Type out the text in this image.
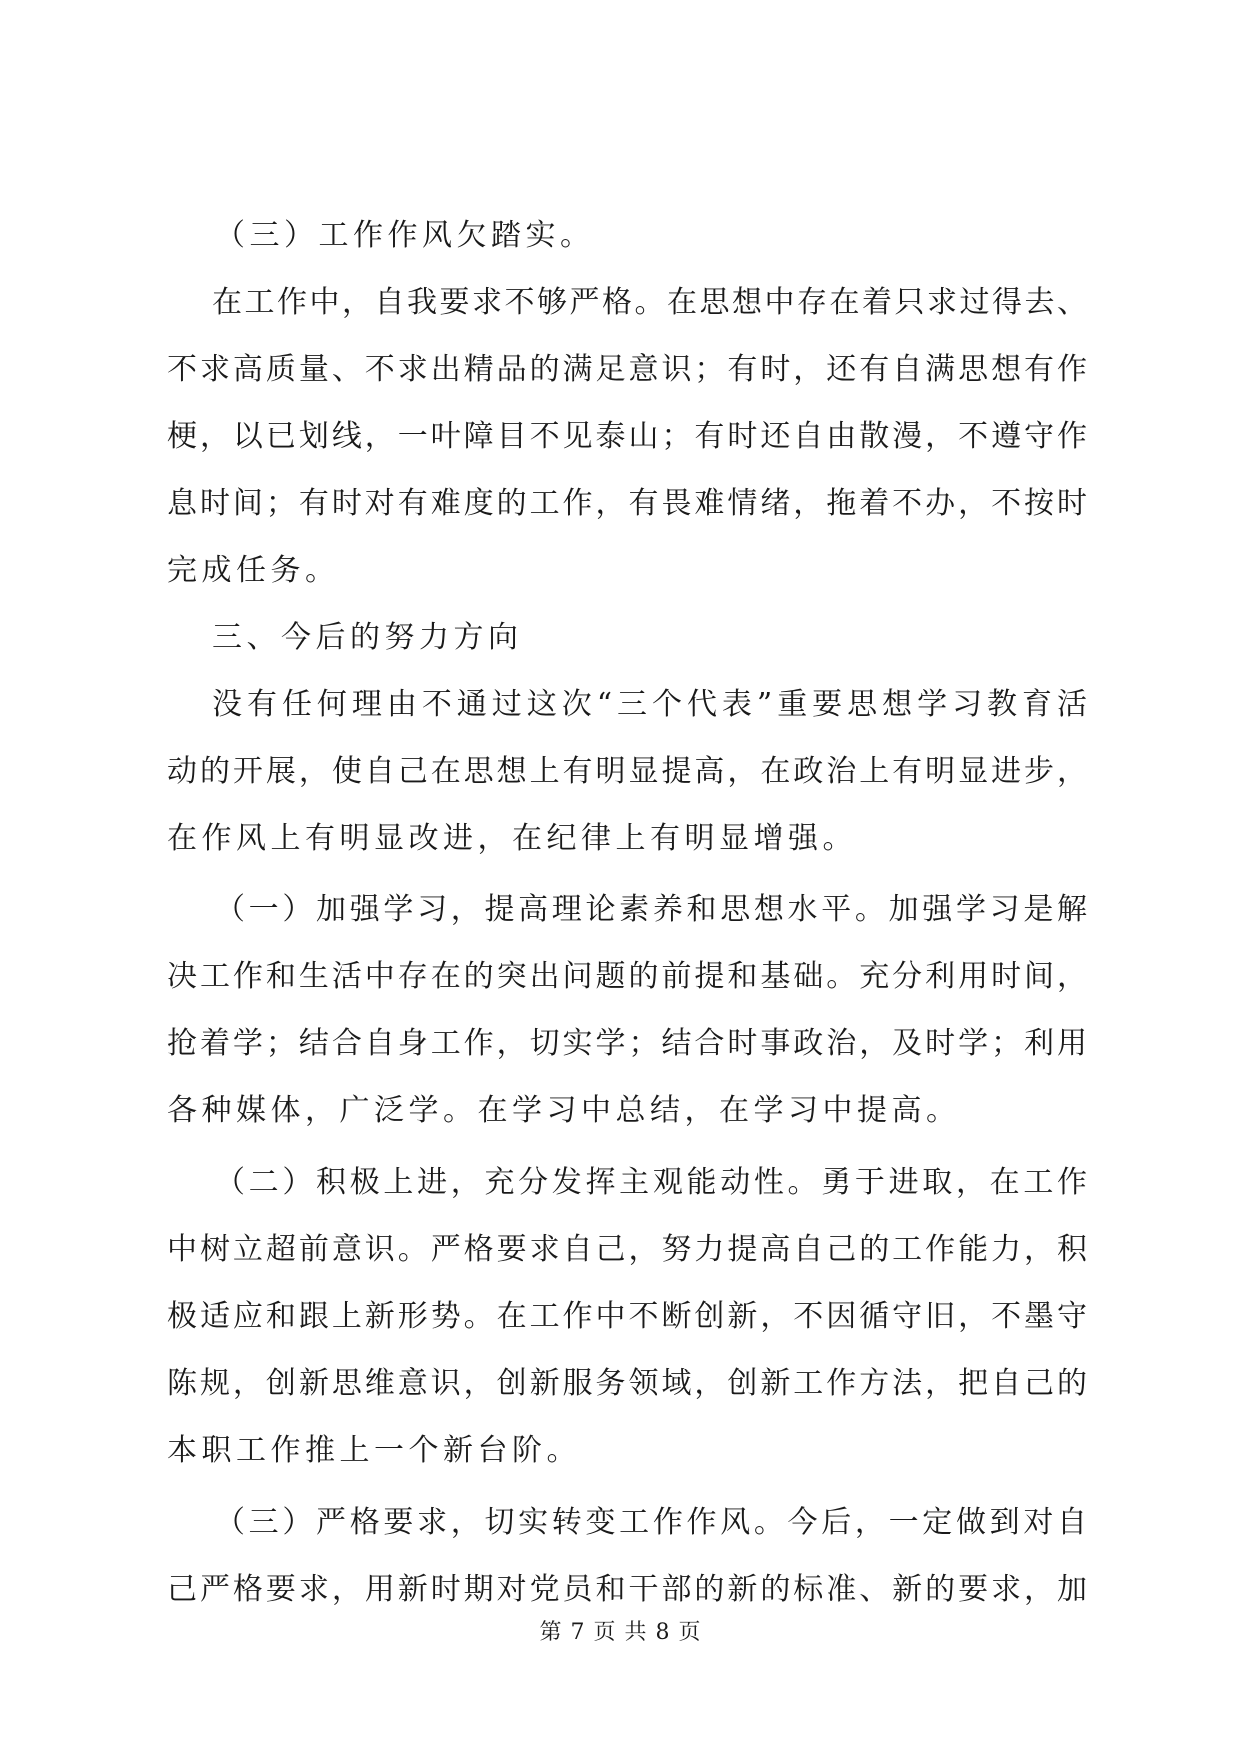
（三）工作作风欠踏实。
在工作中，自我要求不够严格。在思想中存在着只求过得去、
不求高质量、不求出精品的满足意识；有时，还有自满思想有作
梗，以已划线，一叶障目不见泰山；有时还自由散漫，不遵守作
息时间；有时对有难度的工作，有畏难情绪，拖着不办，不按时
完成任务。
三、今后的努力方向
没有任何理由不通过这次“三个代表”重要思想学习教育活
动的开展，使自己在思想上有明显提高，在政治上有明显进步，
在作风上有明显改进，在纪律上有明显增强。
（一）加强学习，提高理论素养和思想水平。加强学习是解
决工作和生活中存在的突出问题的前提和基础。充分利用时间，
抢着学；结合自身工作，切实学；结合时事政治，及时学；利用
各种媒体，广泛学。在学习中总结，在学习中提高。
（二）积极上进，充分发挥主观能动性。勇于进取，在工作
中树立超前意识。严格要求自己，努力提高自己的工作能力，积
极适应和跟上新形势。在工作中不断创新，不因循守旧，不墨守
陈规，创新思维意识，创新服务领域，创新工作方法，把自己的
本职工作推上一个新台阶。
（三）严格要求，切实转变工作作风。今后，一定做到对自
己严格要求，用新时期对党员和干部的新的标准、新的要求，加
第 7 页 共 8 页
